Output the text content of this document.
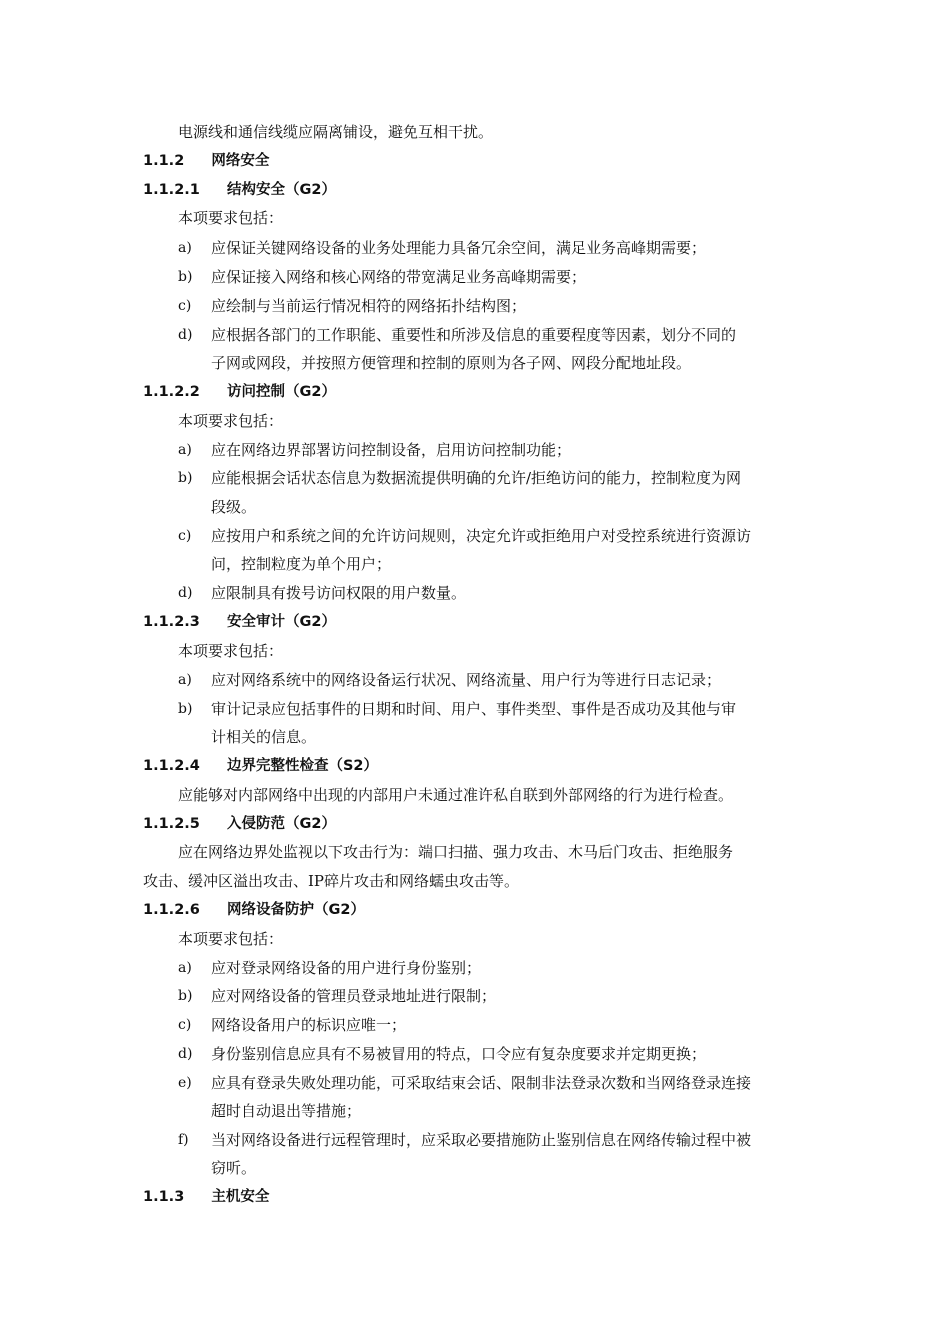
电源线和通信线缆应隔离铺设，避免互相干扰。
1.1.2 网络安全
1.1.2.1 结构安全（G2）
本项要求包括：
a) 应保证关键网络设备的业务处理能力具备冗余空间，满足业务高峰期需要；
b) 应保证接入网络和核心网络的带宽满足业务高峰期需要；
c) 应绘制与当前运行情况相符的网络拓扑结构图；
d) 应根据各部门的工作职能、重要性和所涉及信息的重要程度等因素，划分不同的
子网或网段，并按照方便管理和控制的原则为各子网、网段分配地址段。
1.1.2.2 访问控制（G2）
本项要求包括：
a) 应在网络边界部署访问控制设备，启用访问控制功能；
b) 应能根据会话状态信息为数据流提供明确的允许/拒绝访问的能力，控制粒度为网
段级。
c) 应按用户和系统之间的允许访问规则，决定允许或拒绝用户对受控系统进行资源访
问，控制粒度为单个用户；
d) 应限制具有拨号访问权限的用户数量。
1.1.2.3 安全审计（G2）
本项要求包括：
a) 应对网络系统中的网络设备运行状况、网络流量、用户行为等进行日志记录；
b) 审计记录应包括事件的日期和时间、用户、事件类型、事件是否成功及其他与审
计相关的信息。
1.1.2.4 边界完整性检查（S2）
应能够对内部网络中出现的内部用户未通过准许私自联到外部网络的行为进行检查。
1.1.2.5 入侵防范（G2）
应在网络边界处监视以下攻击行为：端口扫描、强力攻击、木马后门攻击、拒绝服务
攻击、缓冲区溢出攻击、IP碎片攻击和网络蠕虫攻击等。
1.1.2.6 网络设备防护（G2）
本项要求包括：
a) 应对登录网络设备的用户进行身份鉴别；
b) 应对网络设备的管理员登录地址进行限制；
c) 网络设备用户的标识应唯一；
d) 身份鉴别信息应具有不易被冒用的特点，口令应有复杂度要求并定期更换；
e) 应具有登录失败处理功能，可采取结束会话、限制非法登录次数和当网络登录连接
超时自动退出等措施；
f) 当对网络设备进行远程管理时，应采取必要措施防止鉴别信息在网络传输过程中被
窃听。
1.1.3 主机安全
